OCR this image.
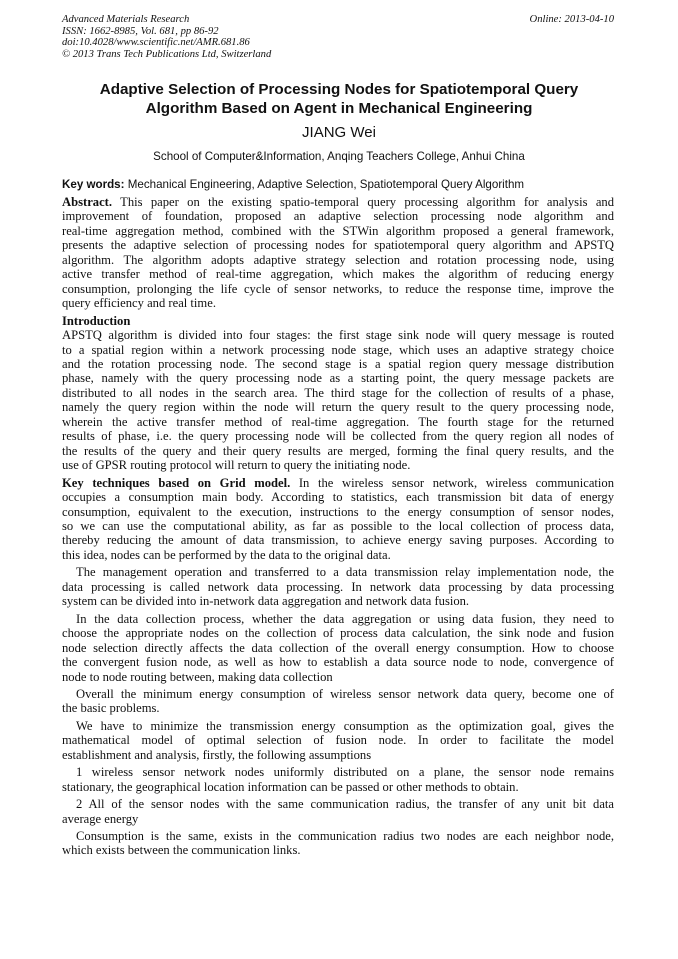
Advanced Materials Research
ISSN: 1662-8985, Vol. 681, pp 86-92
doi:10.4028/www.scientific.net/AMR.681.86
© 2013 Trans Tech Publications Ltd, Switzerland
Online: 2013-04-10
Adaptive Selection of Processing Nodes for Spatiotemporal Query
Algorithm Based on Agent in Mechanical Engineering
JIANG Wei
School of Computer&Information, Anqing Teachers College, Anhui China
Key words: Mechanical Engineering, Adaptive Selection, Spatiotemporal Query Algorithm
Abstract. This paper on the existing spatio-temporal query processing algorithm for analysis and
improvement of foundation, proposed an adaptive selection processing node algorithm and
real-time aggregation method, combined with the STWin algorithm proposed a general framework,
presents the adaptive selection of processing nodes for spatiotemporal query algorithm and APSTQ
algorithm. The algorithm adopts adaptive strategy selection and rotation processing node, using
active transfer method of real-time aggregation, which makes the algorithm of reducing energy
consumption, prolonging the life cycle of sensor networks, to reduce the response time, improve the
query efficiency and real time.
Introduction
APSTQ algorithm is divided into four stages: the first stage sink node will query message is routed
to a spatial region within a network processing node stage, which uses an adaptive strategy choice
and the rotation processing node. The second stage is a spatial region query message distribution
phase, namely with the query processing node as a starting point, the query message packets are
distributed to all nodes in the search area. The third stage for the collection of results of a phase,
namely the query region within the node will return the query result to the query processing node,
wherein the active transfer method of real-time aggregation. The fourth stage for the returned
results of phase, i.e. the query processing node will be collected from the query region all nodes of
the results of the query and their query results are merged, forming the final query results, and the
use of GPSR routing protocol will return to query the initiating node.
Key techniques based on Grid model. In the wireless sensor network, wireless communication
occupies a consumption main body. According to statistics, each transmission bit data of energy
consumption, equivalent to the execution, instructions to the energy consumption of sensor nodes,
so we can use the computational ability, as far as possible to the local collection of process data,
thereby reducing the amount of data transmission, to achieve energy saving purposes. According to
this idea, nodes can be performed by the data to the original data.
The management operation and transferred to a data transmission relay implementation node, the
data processing is called network data processing. In network data processing by data processing
system can be divided into in-network data aggregation and network data fusion.
In the data collection process, whether the data aggregation or using data fusion, they need to
choose the appropriate nodes on the collection of process data calculation, the sink node and fusion
node selection directly affects the data collection of the overall energy consumption. How to choose
the convergent fusion node, as well as how to establish a data source node to node, convergence of
node to node routing between, making data collection
Overall the minimum energy consumption of wireless sensor network data query, become one of
the basic problems.
We have to minimize the transmission energy consumption as the optimization goal, gives the
mathematical model of optimal selection of fusion node. In order to facilitate the model
establishment and analysis, firstly, the following assumptions
1 wireless sensor network nodes uniformly distributed on a plane, the sensor node remains
stationary, the geographical location information can be passed or other methods to obtain.
2 All of the sensor nodes with the same communication radius, the transfer of any unit bit data
average energy
Consumption is the same, exists in the communication radius two nodes are each neighbor node,
which exists between the communication links.
